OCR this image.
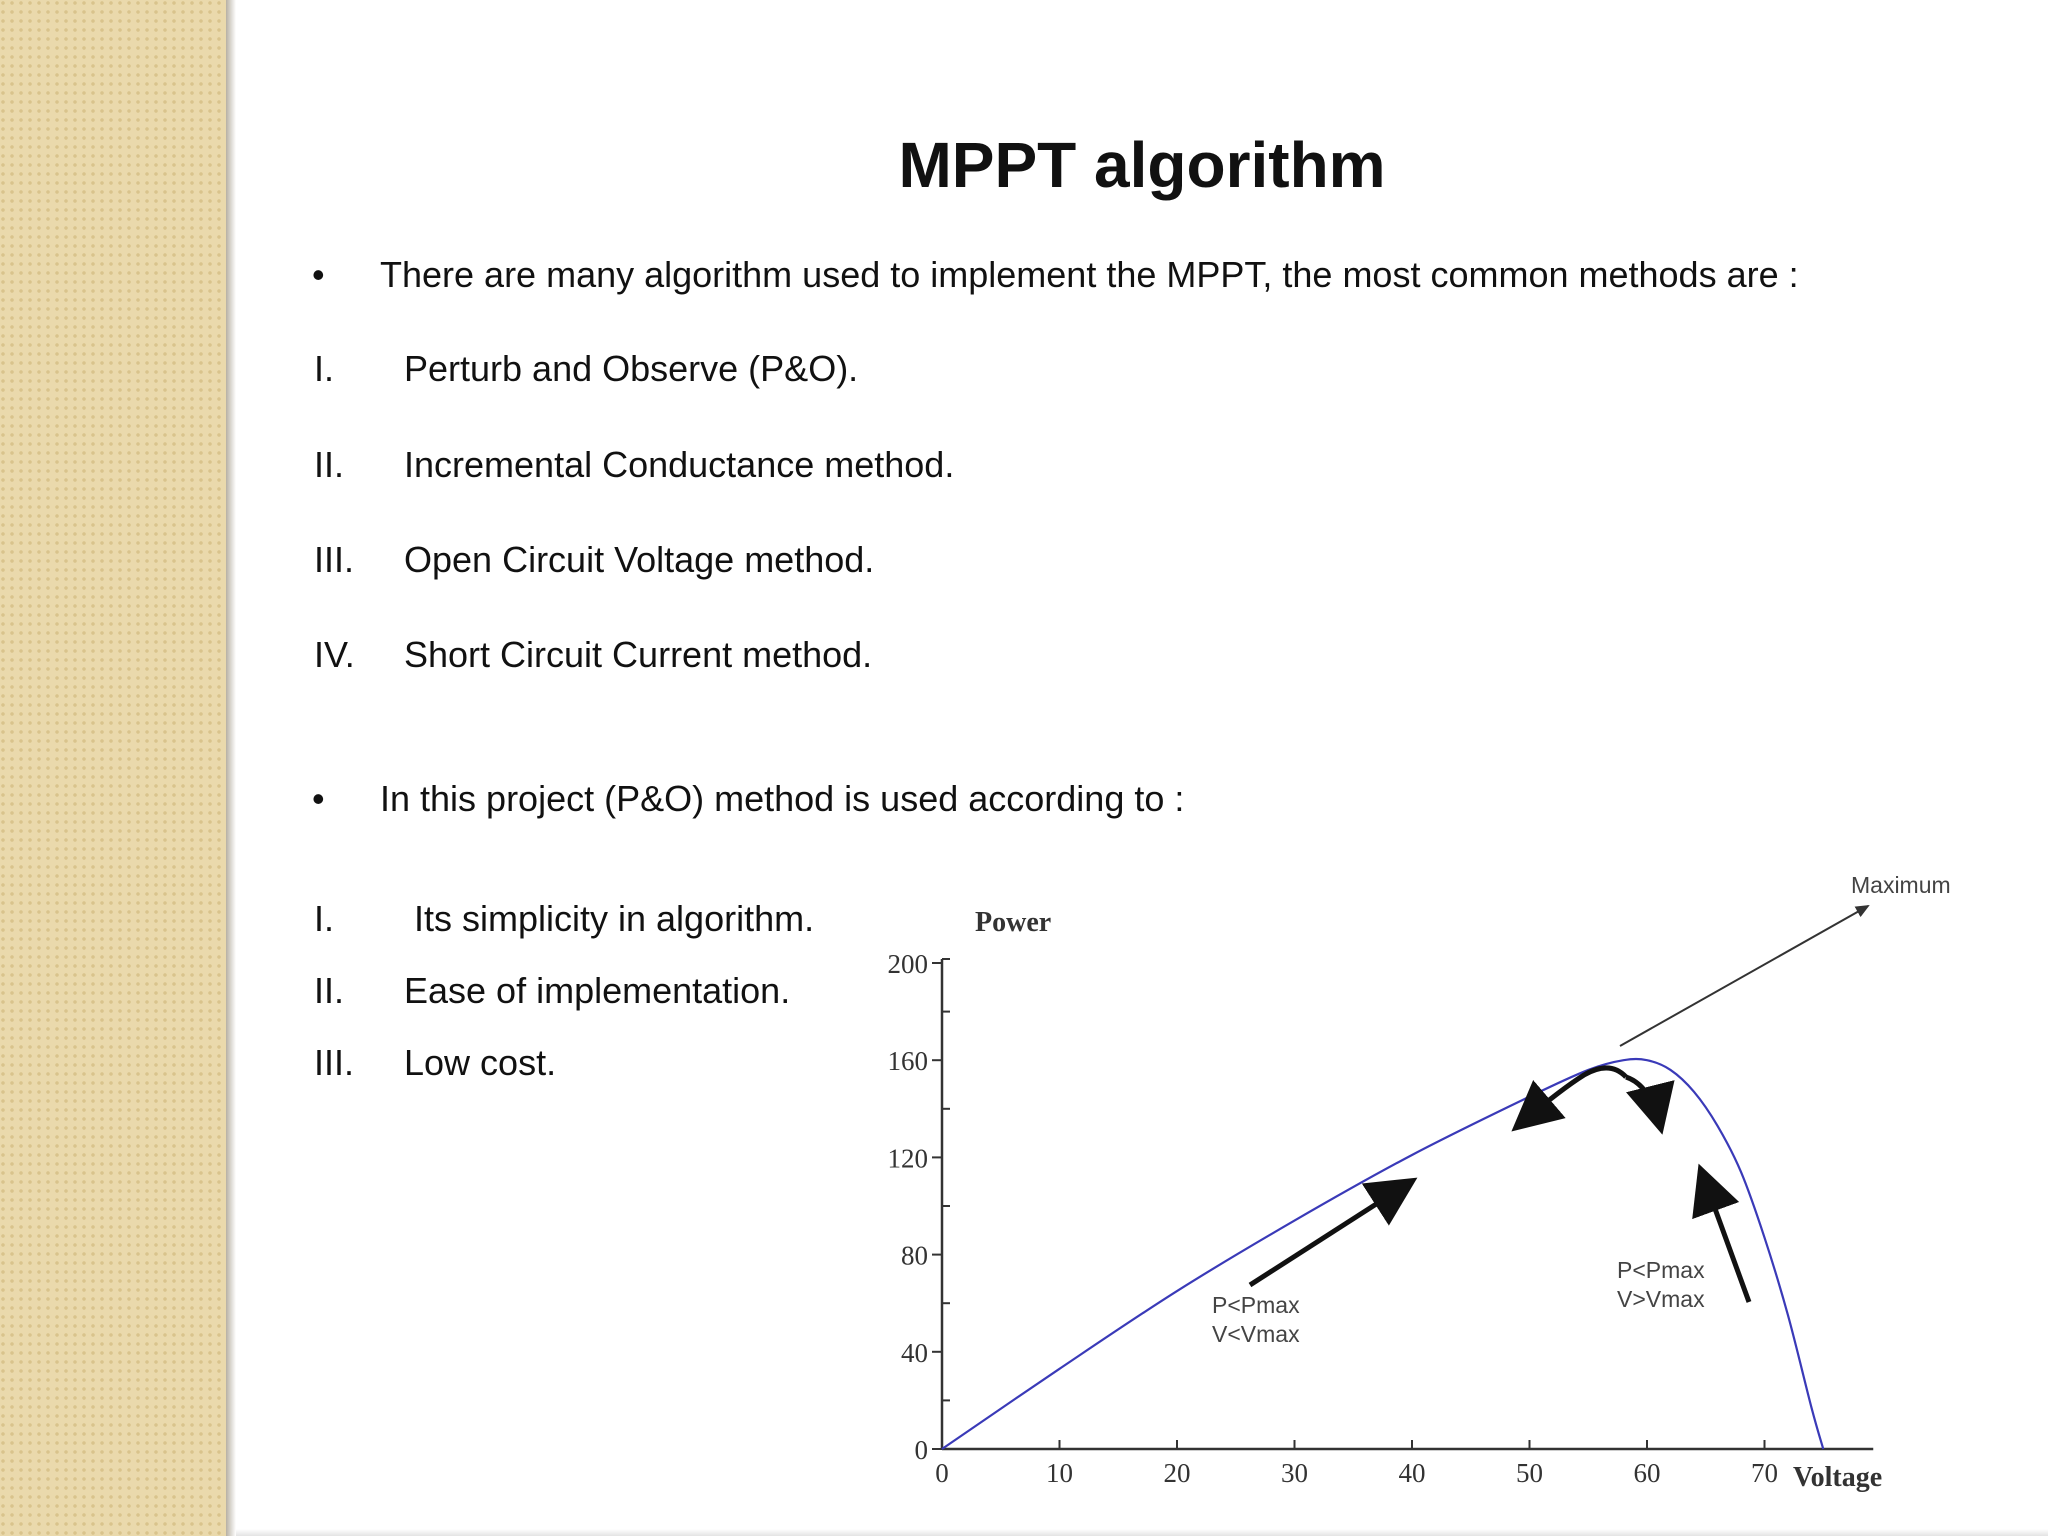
MPPT algorithm
• There are many algorithm used to implement the MPPT, the most common methods are :
I. Perturb and Observe (P&O).
II. Incremental Conductance method.
III. Open Circuit Voltage method.
IV. Short Circuit Current method.
• In this project (P&O) method is used according to :
I. Its simplicity in algorithm.
II. Ease of implementation.
III. Low cost.
0
40
80
120
160
200
0	10	20	30	40	50	60	70
Power
Voltage
Maximum
P<Pmax
V<Vmax
P<Pmax
V>Vmax
